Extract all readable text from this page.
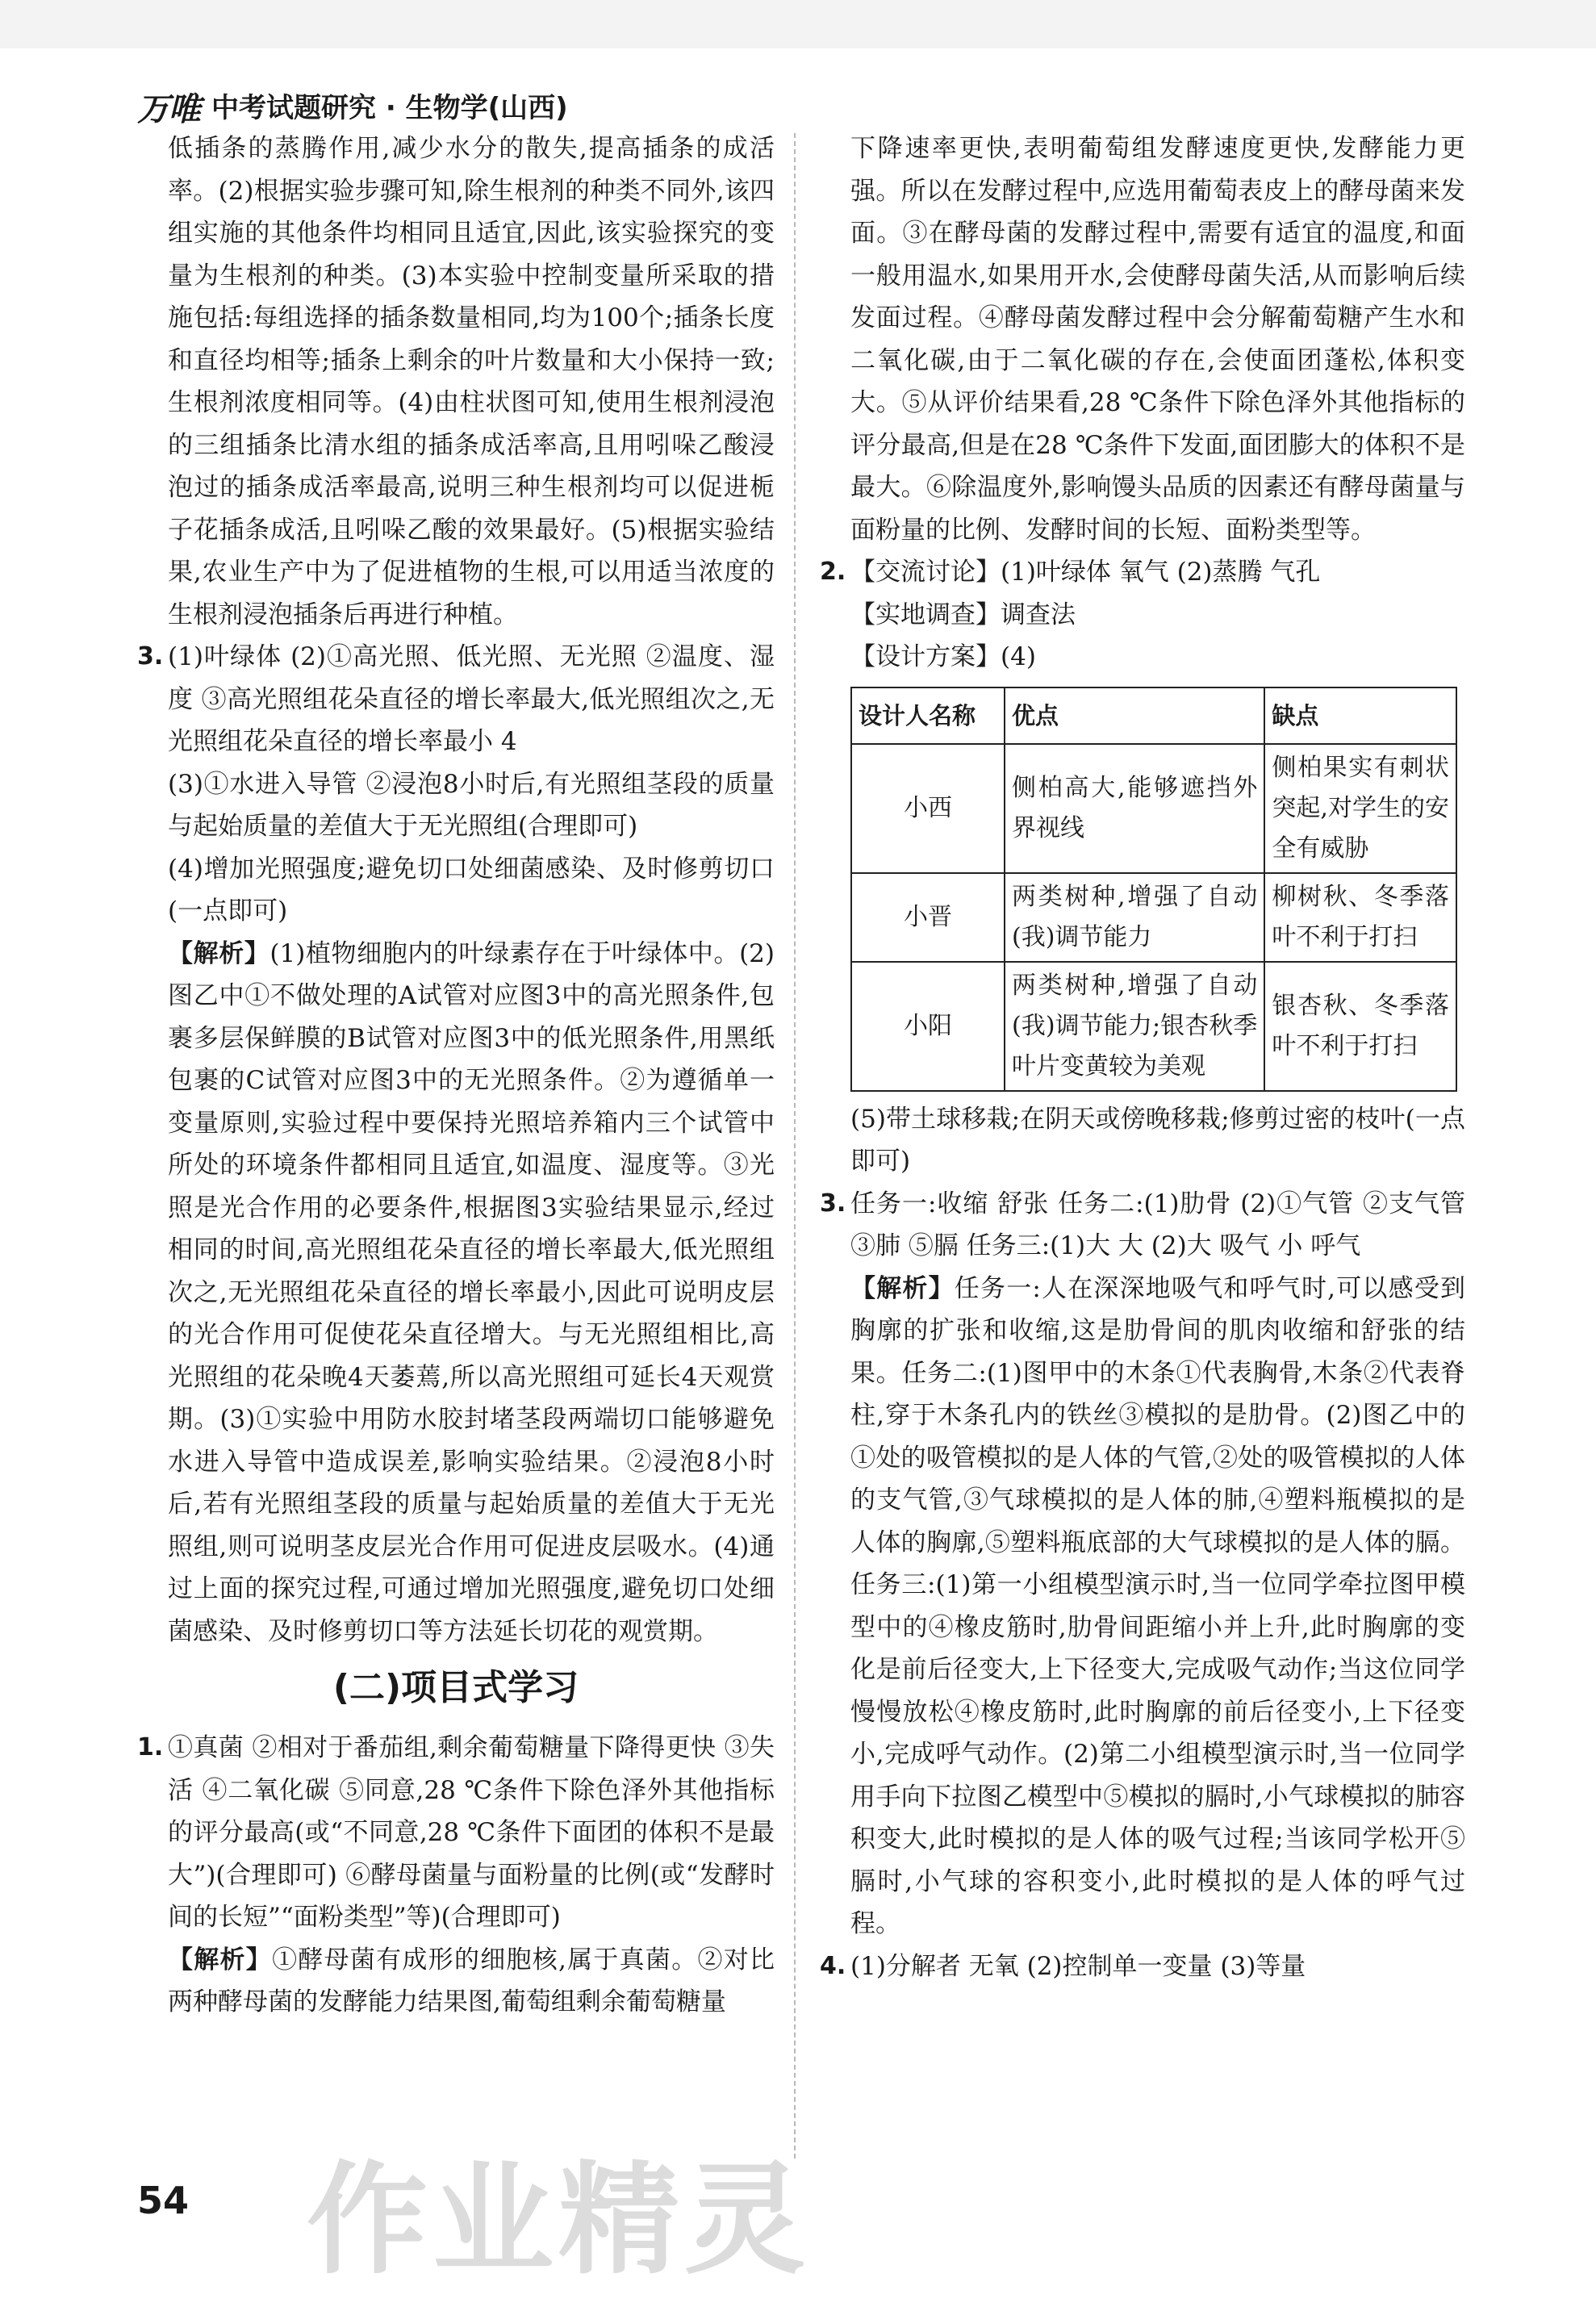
万唯 中考试题研究 · 生物学(山西)

低插条的蒸腾作用,减少水分的散失,提高插条的成活率。(2)根据实验步骤可知,除生根剂的种类不同外,该四组实施的其他条件均相同且适宜,因此,该实验探究的变量为生根剂的种类。(3)本实验中控制变量所采取的措施包括:每组选择的插条数量相同,均为100个;插条长度和直径均相等;插条上剩余的叶片数量和大小保持一致;生根剂浓度相同等。(4)由柱状图可知,使用生根剂浸泡的三组插条比清水组的插条成活率高,且用吲哚乙酸浸泡过的插条成活率最高,说明三种生根剂均可以促进栀子花插条成活,且吲哚乙酸的效果最好。(5)根据实验结果,农业生产中为了促进植物的生根,可以用适当浓度的生根剂浸泡插条后再进行种植。

3. (1)叶绿体 (2)①高光照、低光照、无光照 ②温度、湿度 ③高光照组花朵直径的增长率最大,低光照组次之,无光照组花朵直径的增长率最小 4

(3)①水进入导管 ②浸泡8小时后,有光照组茎段的质量与起始质量的差值大于无光照组(合理即可)

(4)增加光照强度;避免切口处细菌感染、及时修剪切口(一点即可)

【解析】(1)植物细胞内的叶绿素存在于叶绿体中。(2)图乙中①不做处理的A试管对应图3中的高光照条件,包裹多层保鲜膜的B试管对应图3中的低光照条件,用黑纸包裹的C试管对应图3中的无光照条件。②为遵循单一变量原则,实验过程中要保持光照培养箱内三个试管中所处的环境条件都相同且适宜,如温度、湿度等。③光照是光合作用的必要条件,根据图3实验结果显示,经过相同的时间,高光照组花朵直径的增长率最大,低光照组次之,无光照组花朵直径的增长率最小,因此可说明皮层的光合作用可促使花朵直径增大。与无光照组相比,高光照组的花朵晚4天萎蔫,所以高光照组可延长4天观赏期。(3)①实验中用防水胶封堵茎段两端切口能够避免水进入导管中造成误差,影响实验结果。②浸泡8小时后,若有光照组茎段的质量与起始质量的差值大于无光照组,则可说明茎皮层光合作用可促进皮层吸水。(4)通过上面的探究过程,可通过增加光照强度,避免切口处细菌感染、及时修剪切口等方法延长切花的观赏期。

(二)项目式学习
1. ①真菌 ②相对于番茄组,剩余葡萄糖量下降得更快 ③失活 ④二氧化碳 ⑤同意,28 ℃条件下除色泽外其他指标的评分最高(或“不同意,28 ℃条件下面团的体积不是最大”)(合理即可) ⑥酵母菌量与面粉量的比例(或“发酵时间的长短”“面粉类型”等)(合理即可)

【解析】①酵母菌有成形的细胞核,属于真菌。②对比两种酵母菌的发酵能力结果图,葡萄组剩余葡萄糖量

下降速率更快,表明葡萄组发酵速度更快,发酵能力更强。所以在发酵过程中,应选用葡萄表皮上的酵母菌来发面。③在酵母菌的发酵过程中,需要有适宜的温度,和面一般用温水,如果用开水,会使酵母菌失活,从而影响后续发面过程。④酵母菌发酵过程中会分解葡萄糖产生水和二氧化碳,由于二氧化碳的存在,会使面团蓬松,体积变大。⑤从评价结果看,28 ℃条件下除色泽外其他指标的评分最高,但是在28 ℃条件下发面,面团膨大的体积不是最大。⑥除温度外,影响馒头品质的因素还有酵母菌量与面粉量的比例、发酵时间的长短、面粉类型等。

2. 【交流讨论】(1)叶绿体 氧气 (2)蒸腾 气孔

【实地调查】调查法

【设计方案】(4)

设计人名称	优点	缺点
小西	侧柏高大,能够遮挡外界视线	侧柏果实有刺状突起,对学生的安全有威胁
小晋	两类树种,增强了自动(我)调节能力	柳树秋、冬季落叶不利于打扫
小阳	两类树种,增强了自动(我)调节能力;银杏秋季叶片变黄较为美观	银杏秋、冬季落叶不利于打扫

(5)带土球移栽;在阴天或傍晚移栽;修剪过密的枝叶(一点即可)

3. 任务一:收缩 舒张 任务二:(1)肋骨 (2)①气管 ②支气管 ③肺 ⑤膈 任务三:(1)大 大 (2)大 吸气 小 呼气

【解析】任务一:人在深深地吸气和呼气时,可以感受到胸廓的扩张和收缩,这是肋骨间的肌肉收缩和舒张的结果。任务二:(1)图甲中的木条①代表胸骨,木条②代表脊柱,穿于木条孔内的铁丝③模拟的是肋骨。(2)图乙中的①处的吸管模拟的是人体的气管,②处的吸管模拟的人体的支气管,③气球模拟的是人体的肺,④塑料瓶模拟的是人体的胸廓,⑤塑料瓶底部的大气球模拟的是人体的膈。任务三:(1)第一小组模型演示时,当一位同学牵拉图甲模型中的④橡皮筋时,肋骨间距缩小并上升,此时胸廓的变化是前后径变大,上下径变大,完成吸气动作;当这位同学慢慢放松④橡皮筋时,此时胸廓的前后径变小,上下径变小,完成呼气动作。(2)第二小组模型演示时,当一位同学用手向下拉图乙模型中⑤模拟的膈时,小气球模拟的肺容积变大,此时模拟的是人体的吸气过程;当该同学松开⑤膈时,小气球的容积变小,此时模拟的是人体的呼气过程。

4. (1)分解者 无氧 (2)控制单一变量 (3)等量

54 作业精灵
